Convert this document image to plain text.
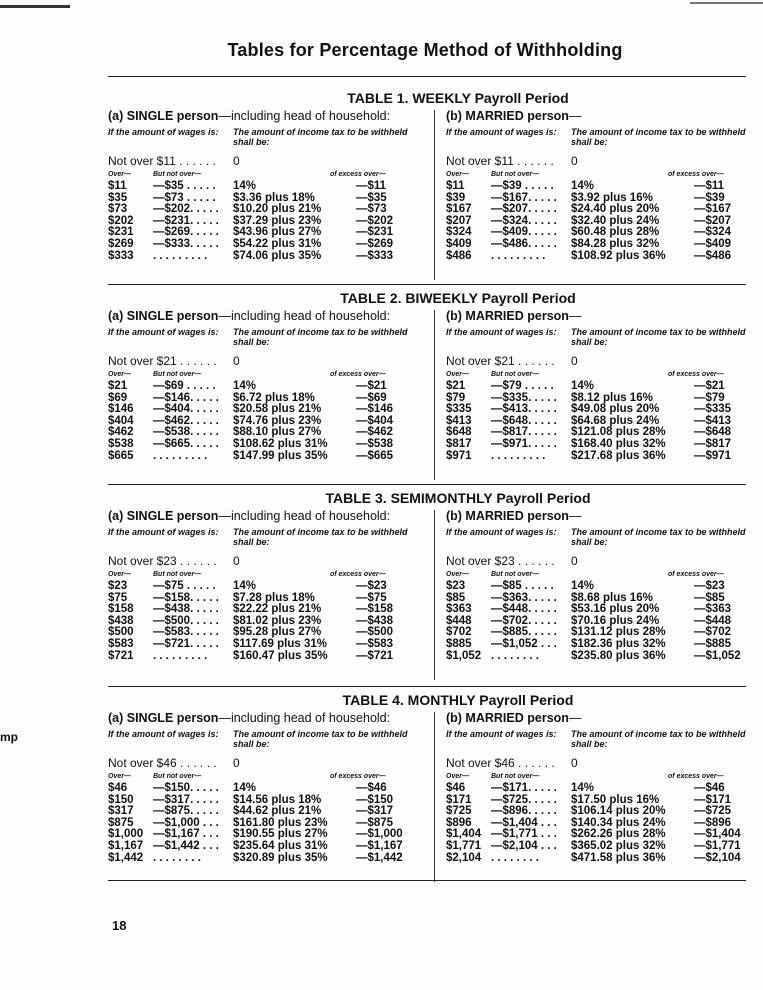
mp
Tables for Percentage Method of Withholding
TABLE 1. WEEKLY Payroll Period
(a) SINGLE person—including head of household:
If the amount of wages is:	The amount of income tax to be withheld shall be:
Not over $11 . . . . . . 0
Over—	But not over—	of excess over—
$11 —$35 . . . . . 14%	—$11
$35 —$73 . . . . . $3.36 plus 18%	—$35
$73 —$202. . . . . $10.20 plus 21%	—$73
$202 —$231. . . . . $37.29 plus 23%	—$202
$231 —$269. . . . . $43.96 plus 27%	—$231
$269 —$333. . . . . $54.22 plus 31%	—$269
$333 . . . . . . . . . $74.06 plus 35%	—$333
(b) MARRIED person—
If the amount of wages is:	The amount of income tax to be withheld shall be:
Not over $11 . . . . . . 0
Over—	But not over—	of excess over—
$11 —$39 . . . . . 14%	—$11
$39 —$167. . . . . $3.92 plus 16%	—$39
$167 —$207. . . . . $24.40 plus 20%	—$167
$207 —$324. . . . . $32.40 plus 24%	—$207
$324 —$409. . . . . $60.48 plus 28%	—$324
$409 —$486. . . . . $84.28 plus 32%	—$409
$486 . . . . . . . . . $108.92 plus 36% —$486
TABLE 2. BIWEEKLY Payroll Period
(a) SINGLE person—including head of household:
If the amount of wages is:	The amount of income tax to be withheld shall be:
Not over $21 . . . . . . 0
Over—	But not over—	of excess over—
$21 —$69 . . . . . 14%	—$21
$69 —$146. . . . . $6.72 plus 18%	—$69
$146 —$404. . . . . $20.58 plus 21%	—$146
$404 —$462. . . . . $74.76 plus 23%	—$404
$462 —$538. . . . . $88.10 plus 27%	—$462
$538 —$665. . . . . $108.62 plus 31% —$538
$665 . . . . . . . . . $147.99 plus 35% —$665
(b) MARRIED person—
If the amount of wages is:	The amount of income tax to be withheld shall be:
Not over $21 . . . . . . 0
Over—	But not over—	of excess over—
$21 —$79 . . . . . 14%	—$21
$79 —$335. . . . . $8.12 plus 16%	—$79
$335 —$413. . . . . $49.08 plus 20%	—$335
$413 —$648. . . . . $64.68 plus 24%	—$413
$648 —$817. . . . . $121.08 plus 28% —$648
$817 —$971. . . . . $168.40 plus 32% —$817
$971 . . . . . . . . . $217.68 plus 36% —$971
TABLE 3. SEMIMONTHLY Payroll Period
(a) SINGLE person—including head of household:
If the amount of wages is:	The amount of income tax to be withheld shall be:
Not over $23 . . . . . . 0
Over—	But not over—	of excess over—
$23 —$75 . . . . . 14%	—$23
$75 —$158. . . . . $7.28 plus 18%	—$75
$158 —$438. . . . . $22.22 plus 21%	—$158
$438 —$500. . . . . $81.02 plus 23%	—$438
$500 —$583. . . . . $95.28 plus 27%	—$500
$583 —$721. . . . . $117.69 plus 31%	—$583
$721 . . . . . . . . . $160.47 plus 35% —$721
(b) MARRIED person—
If the amount of wages is:	The amount of income tax to be withheld shall be:
Not over $23 . . . . . . 0
Over—	But not over—	of excess over—
$23 —$85 . . . . . 14%	—$23
$85 —$363. . . . . $8.68 plus 16%	—$85
$363 —$448. . . . . $53.16 plus 20%	—$363
$448 —$702. . . . . $70.16 plus 24%	—$448
$702 —$885. . . . . $131.12 plus 28% —$702
$885 —$1,052 . . . $182.36 plus 32% —$885
$1,052 . . . . . . . .	$235.80 plus 36% —$1,052
TABLE 4. MONTHLY Payroll Period
(a) SINGLE person—including head of household:
If the amount of wages is:	The amount of income tax to be withheld shall be:
Not over $46 . . . . . . 0
Over—	But not over—	of excess over—
$46 —$150. . . . . 14%	—$46
$150 —$317. . . . . $14.56 plus 18%	—$150
$317 —$875. . . . . $44.62 plus 21%	—$317
$875 —$1,000 . . . $161.80 plus 23% —$875
$1,000 —$1,167 . . . $190.55 plus 27% —$1,000
$1,167 —$1,442 . . . $235.64 plus 31% —$1,167
$1,442 . . . . . . . .	$320.89 plus 35% —$1,442
(b) MARRIED person—
If the amount of wages is:	The amount of income tax to be withheld shall be:
Not over $46 . . . . . . 0
Over—	But not over—	of excess over—
$46 —$171. . . . . 14%	—$46
$171 —$725. . . . . $17.50 plus 16%	—$171
$725 —$896. . . . . $106.14 plus 20% —$725
$896 —$1,404 . . . $140.34 plus 24% —$896
$1,404 —$1,771 . . . $262.26 plus 28% —$1,404
$1,771 —$2,104 . . . $365.02 plus 32% —$1,771
$2,104 . . . . . . . .	$471.58 plus 36% —$2,104
18
